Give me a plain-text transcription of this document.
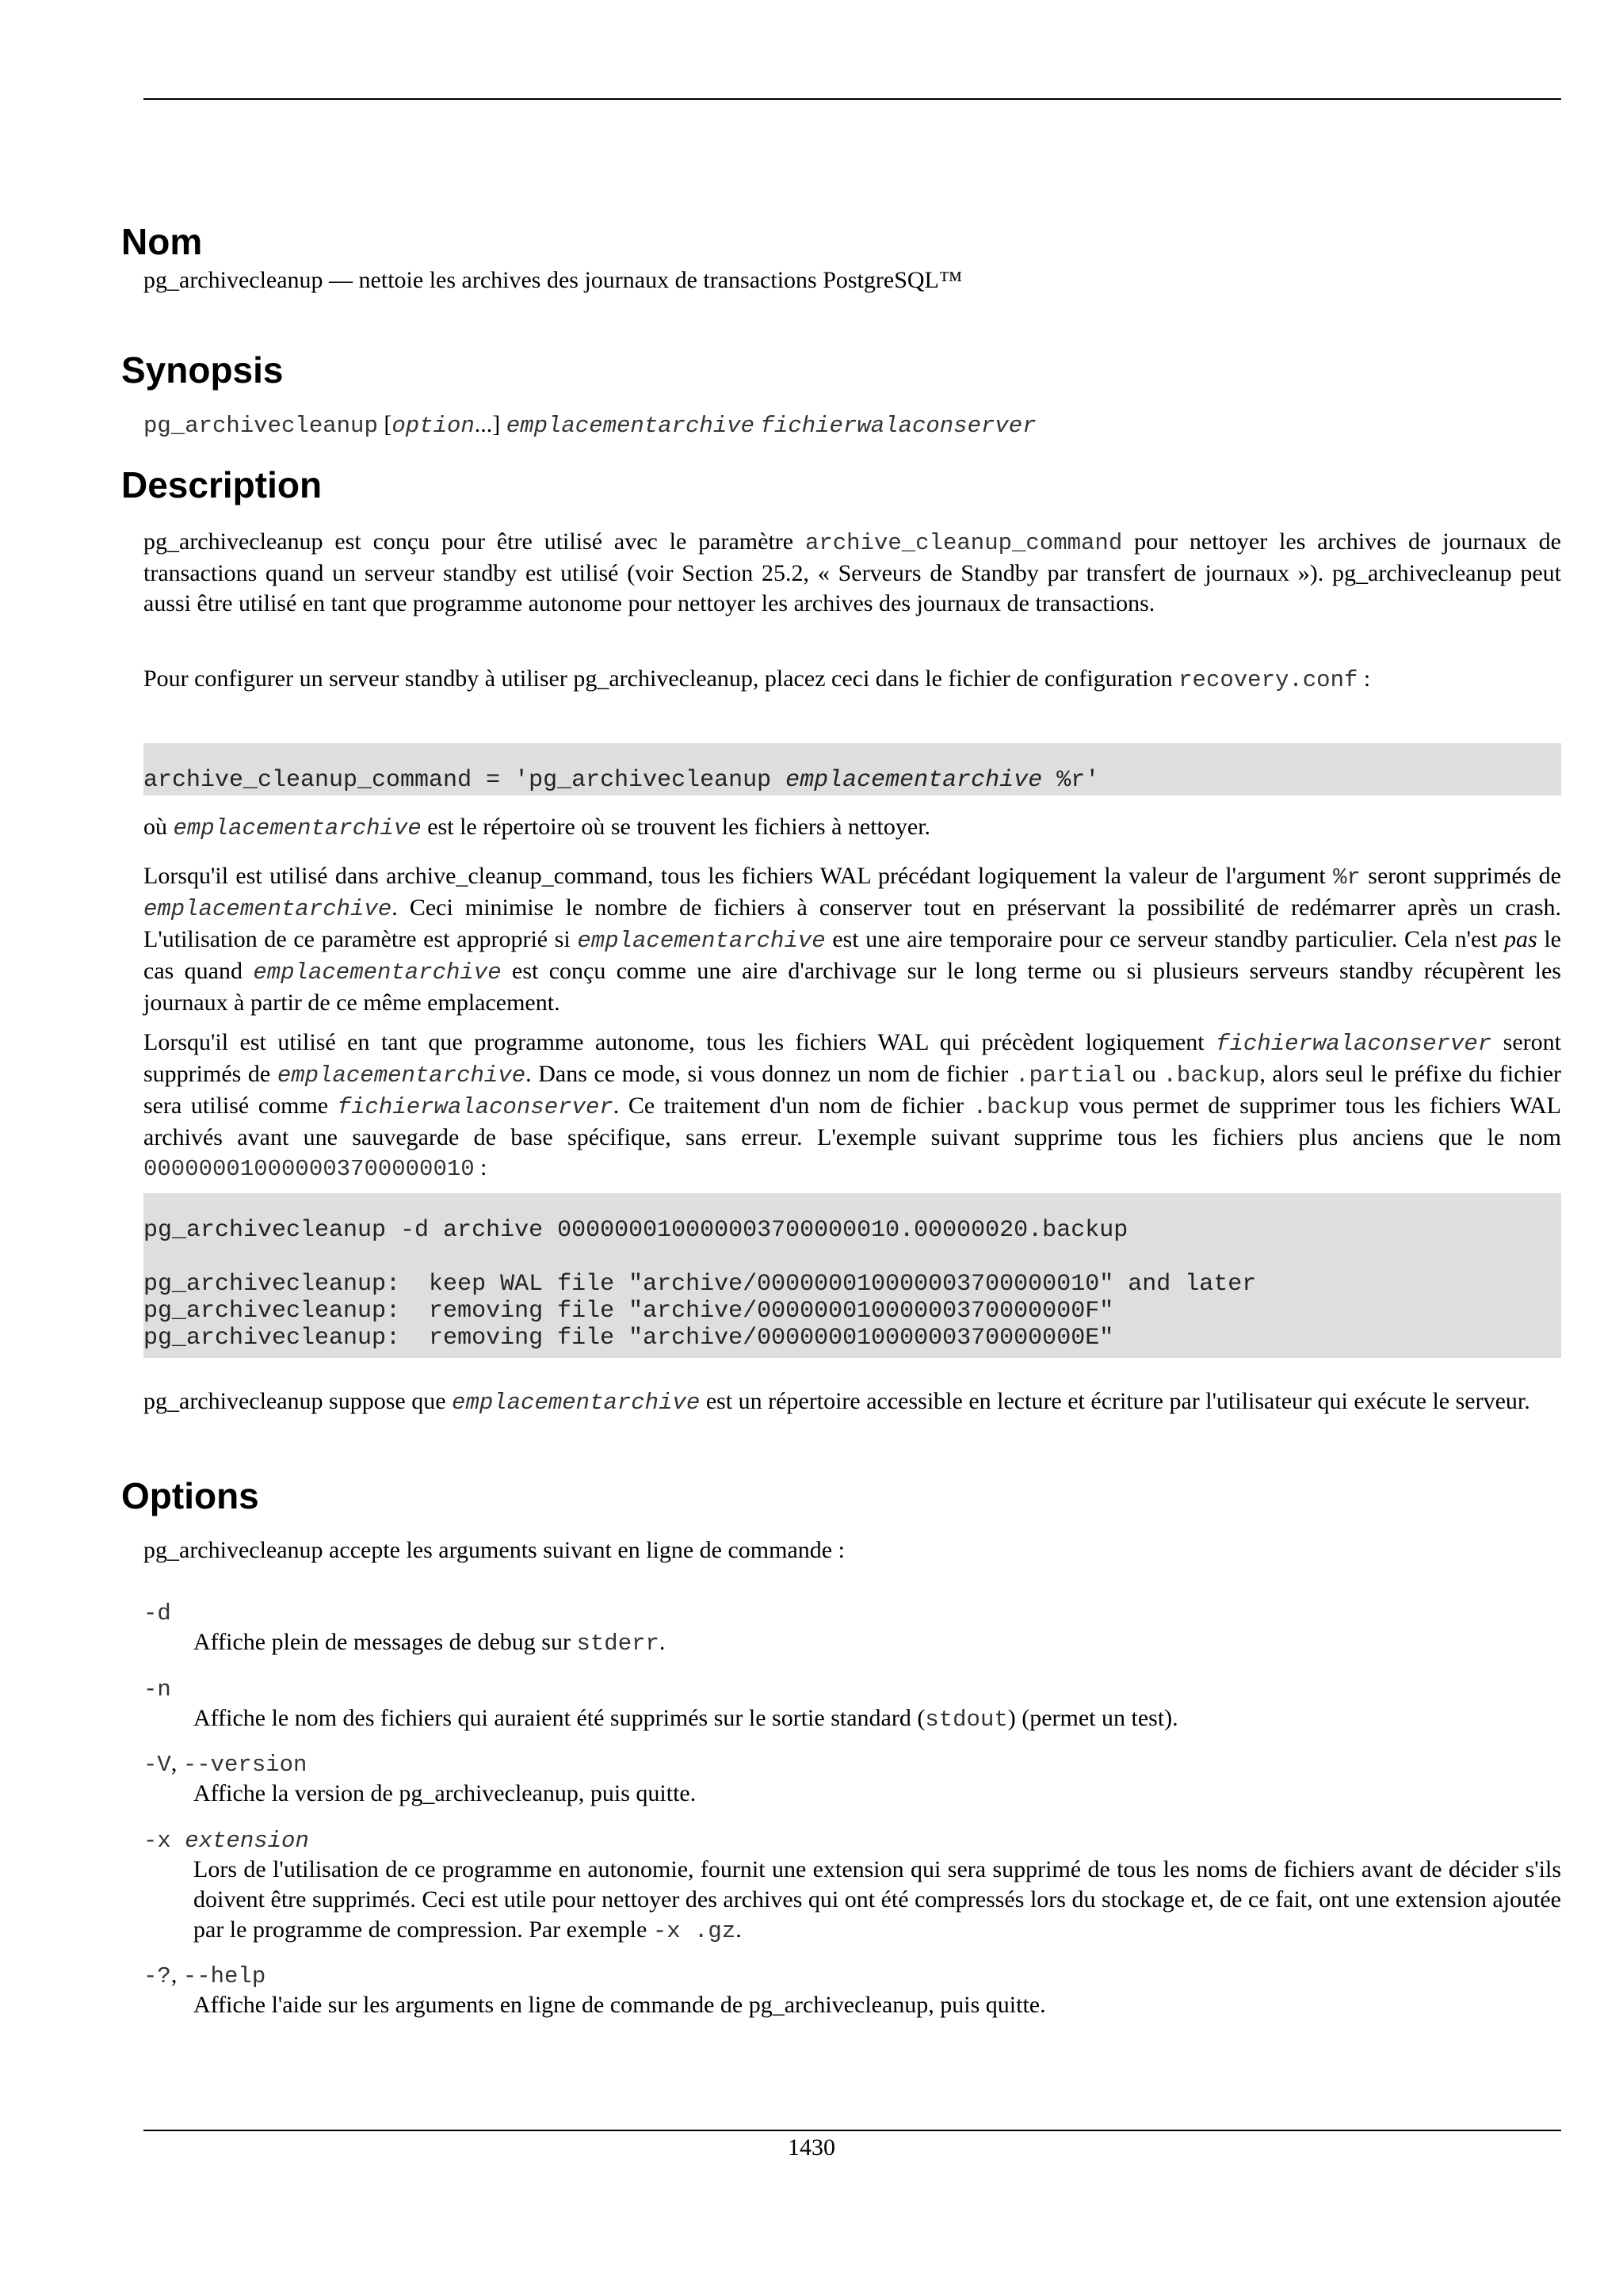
Nom
pg_archivecleanup — nettoie les archives des journaux de transactions PostgreSQL™
Synopsis
pg_archivecleanup [option...] emplacementarchive fichierwalaconserver
Description
pg_archivecleanup est conçu pour être utilisé avec le paramètre archive_cleanup_command pour nettoyer les archives de journaux de transactions quand un serveur standby est utilisé (voir Section 25.2, « Serveurs de Standby par transfert de journaux »). pg_archivecleanup peut aussi être utilisé en tant que programme autonome pour nettoyer les archives des journaux de transactions.
Pour configurer un serveur standby à utiliser pg_archivecleanup, placez ceci dans le fichier de configuration recovery.conf :
archive_cleanup_command = 'pg_archivecleanup emplacementarchive %r'
où emplacementarchive est le répertoire où se trouvent les fichiers à nettoyer.
Lorsqu'il est utilisé dans archive_cleanup_command, tous les fichiers WAL précédant logiquement la valeur de l'argument %r seront supprimés de emplacementarchive. Ceci minimise le nombre de fichiers à conserver tout en préservant la possibilité de redémarrer après un crash. L'utilisation de ce paramètre est approprié si emplacementarchive est une aire temporaire pour ce serveur standby particulier. Cela n'est pas le cas quand emplacementarchive est conçu comme une aire d'archivage sur le long terme ou si plusieurs serveurs standby récupèrent les journaux à partir de ce même emplacement.
Lorsqu'il est utilisé en tant que programme autonome, tous les fichiers WAL qui précèdent logiquement fichierwalaconserver seront supprimés de emplacementarchive. Dans ce mode, si vous donnez un nom de fichier .partial ou .backup, alors seul le préfixe du fichier sera utilisé comme fichierwalaconserver. Ce traitement d'un nom de fichier .backup vous permet de supprimer tous les fichiers WAL archivés avant une sauvegarde de base spécifique, sans erreur. L'exemple suivant supprime tous les fichiers plus anciens que le nom 000000010000003700000010 :
pg_archivecleanup -d archive 000000010000003700000010.00000020.backup

pg_archivecleanup:  keep WAL file "archive/000000010000003700000010" and later
pg_archivecleanup:  removing file "archive/00000001000000370000000F"
pg_archivecleanup:  removing file "archive/00000001000000370000000E"
pg_archivecleanup suppose que emplacementarchive est un répertoire accessible en lecture et écriture par l'utilisateur qui exécute le serveur.
Options
pg_archivecleanup accepte les arguments suivant en ligne de commande :
-d
Affiche plein de messages de debug sur stderr.
-n
Affiche le nom des fichiers qui auraient été supprimés sur le sortie standard (stdout) (permet un test).
-V, --version
Affiche la version de pg_archivecleanup, puis quitte.
-x extension
Lors de l'utilisation de ce programme en autonomie, fournit une extension qui sera supprimé de tous les noms de fichiers avant de décider s'ils doivent être supprimés. Ceci est utile pour nettoyer des archives qui ont été compressés lors du stockage et, de ce fait, ont une extension ajoutée par le programme de compression. Par exemple -x .gz.
-?, --help
Affiche l'aide sur les arguments en ligne de commande de pg_archivecleanup, puis quitte.
1430
